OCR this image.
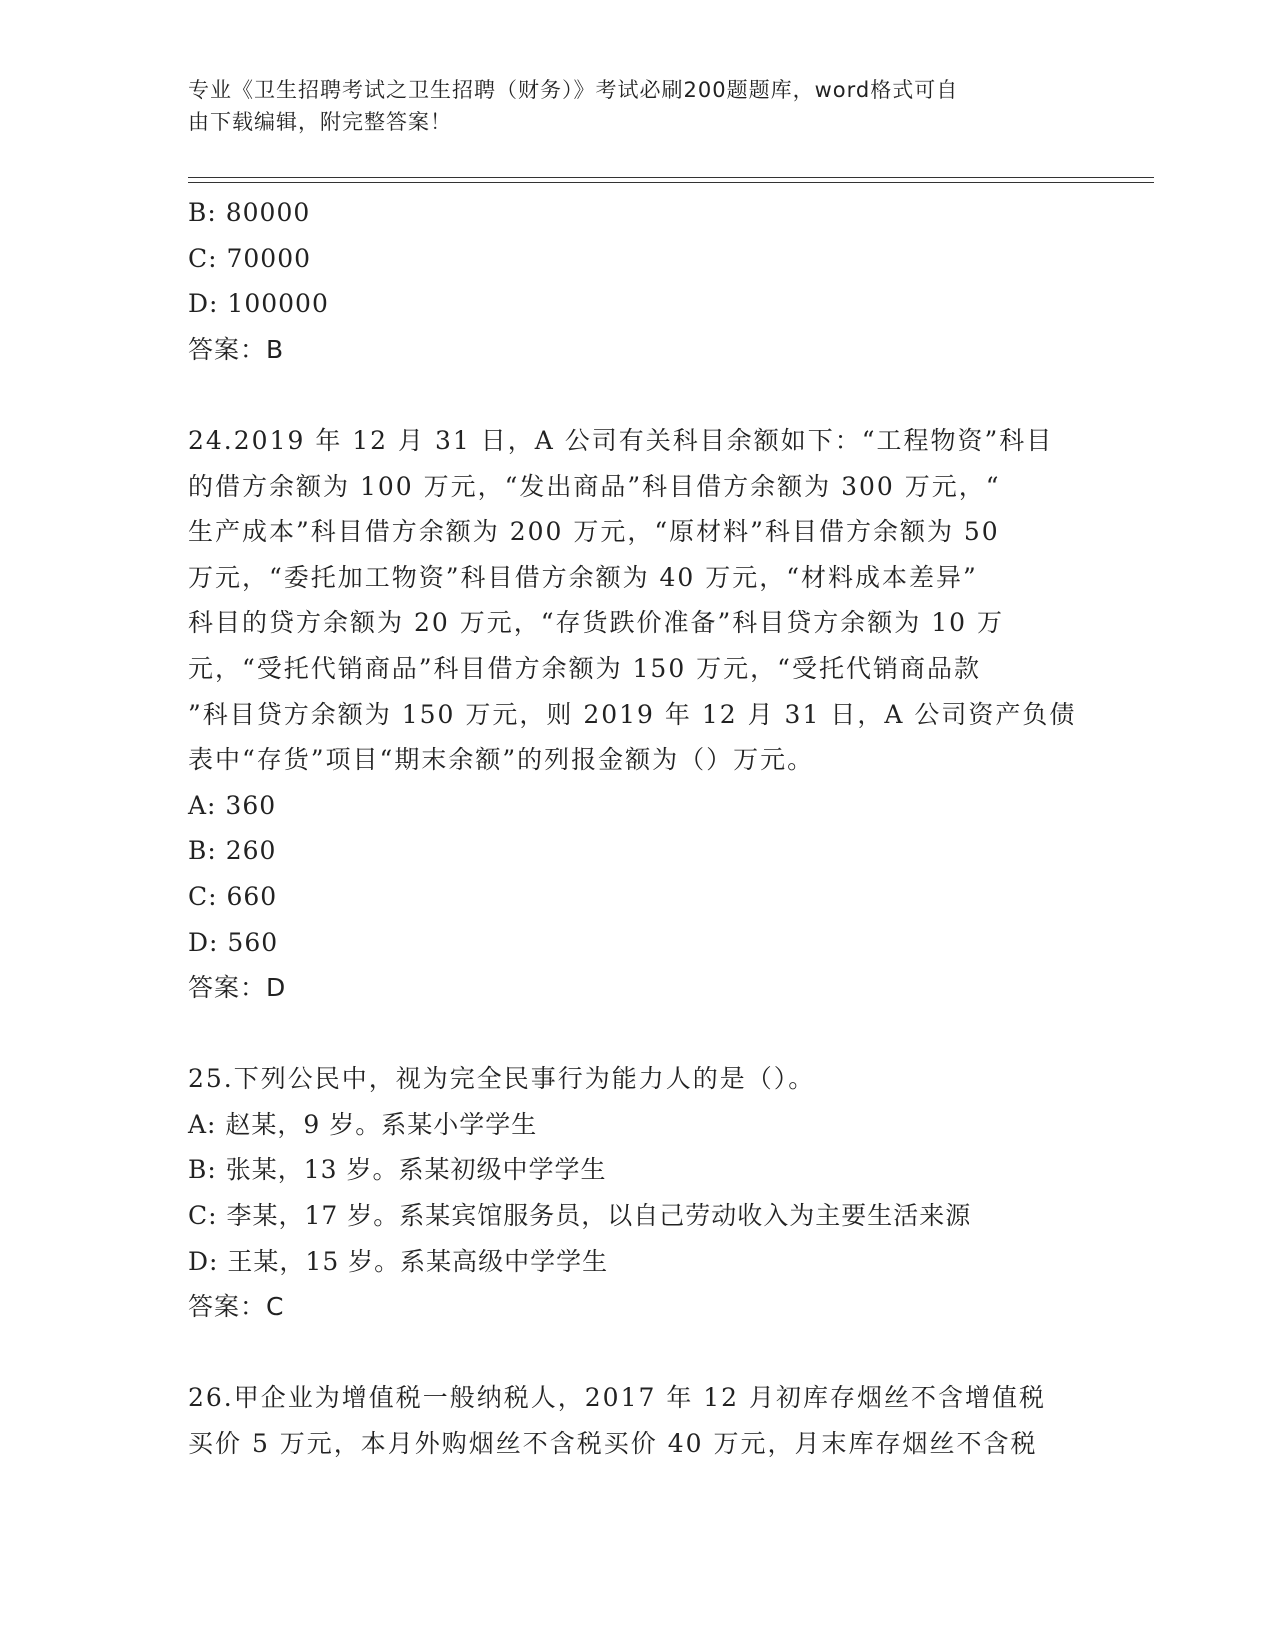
专业《卫生招聘考试之卫生招聘（财务）》考试必刷200题题库，word格式可自
由下载编辑，附完整答案！
B: 80000
C: 70000
D: 100000
答案：B
24.2019 年 12 月 31 日，A 公司有关科目余额如下：“工程物资”科目
的借方余额为 100 万元，“发出商品”科目借方余额为 300 万元，“
生产成本”科目借方余额为 200 万元，“原材料”科目借方余额为 50
万元，“委托加工物资”科目借方余额为 40 万元，“材料成本差异”
科目的贷方余额为 20 万元，“存货跌价准备”科目贷方余额为 10 万
元，“受托代销商品”科目借方余额为 150 万元，“受托代销商品款
”科目贷方余额为 150 万元，则 2019 年 12 月 31 日，A 公司资产负债
表中“存货”项目“期末余额”的列报金额为（）万元。
A: 360
B: 260
C: 660
D: 560
答案：D
25.下列公民中，视为完全民事行为能力人的是（）。
A: 赵某，9 岁。系某小学学生
B: 张某，13 岁。系某初级中学学生
C: 李某，17 岁。系某宾馆服务员，以自己劳动收入为主要生活来源
D: 王某，15 岁。系某高级中学学生
答案：C
26.甲企业为增值税一般纳税人，2017 年 12 月初库存烟丝不含增值税
买价 5 万元，本月外购烟丝不含税买价 40 万元，月末库存烟丝不含税
